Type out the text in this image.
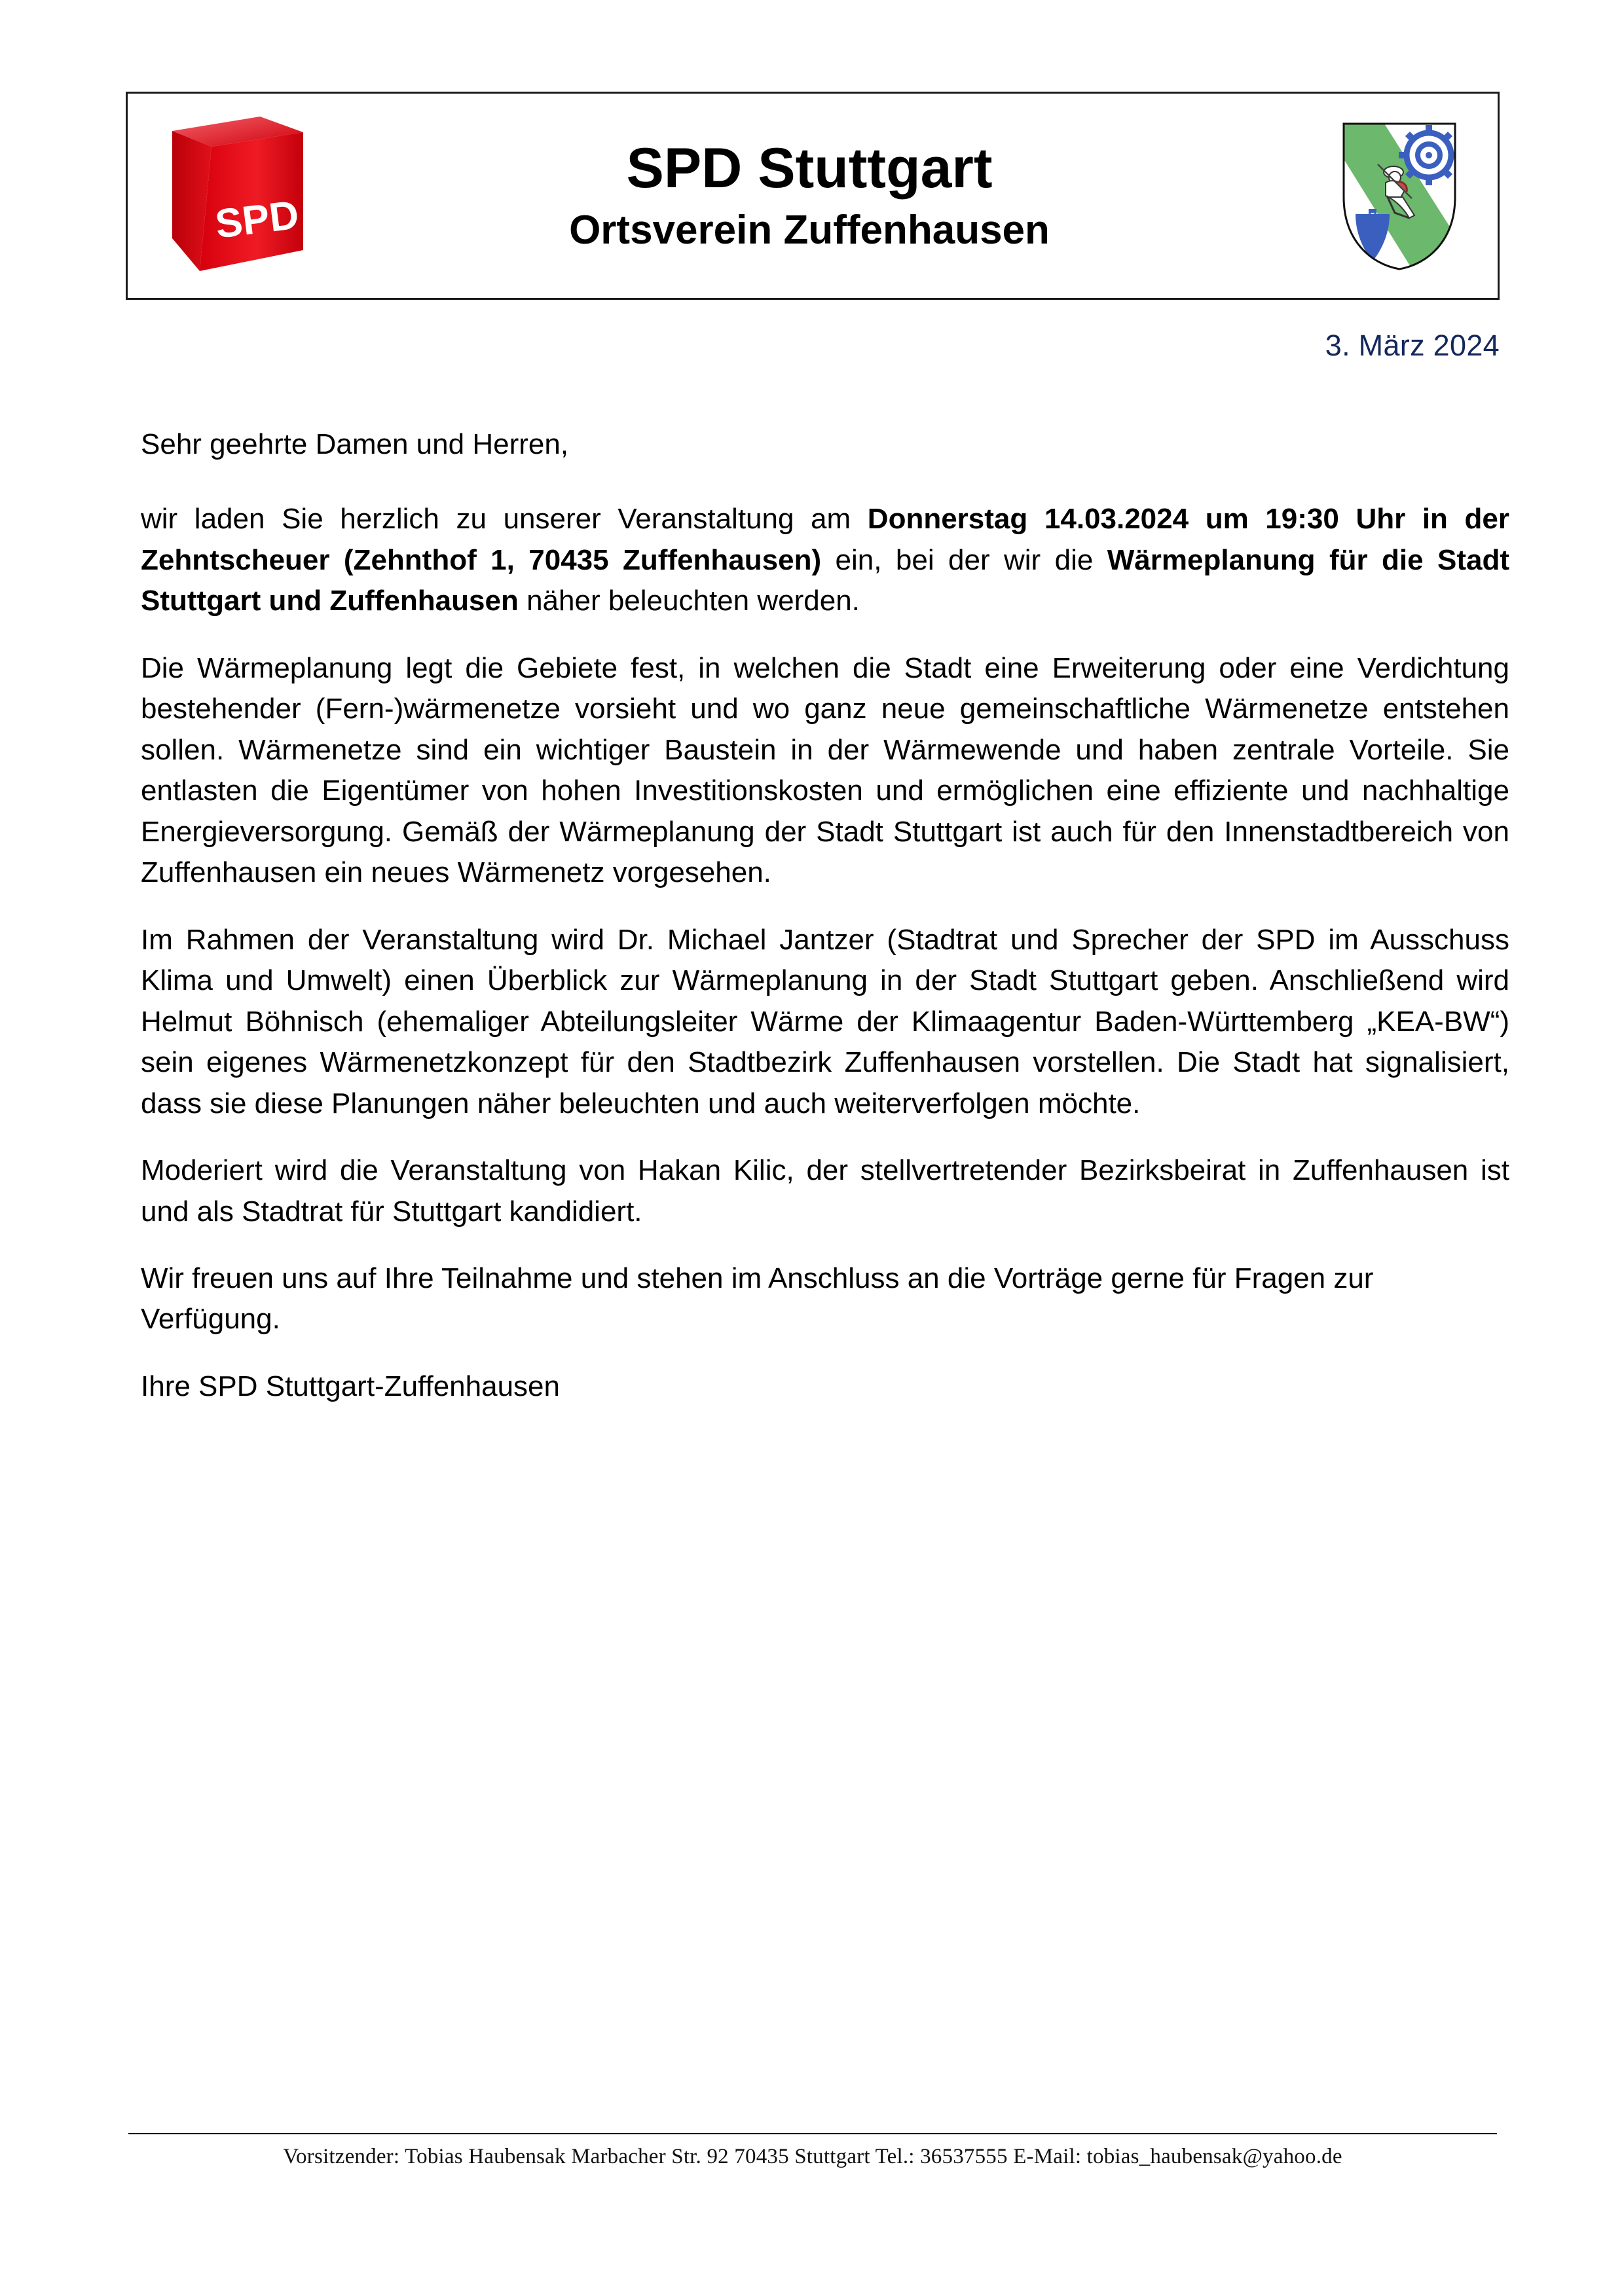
SPD
SPD Stuttgart
Ortsverein Zuffenhausen
3. März 2024

Sehr geehrte Damen und Herren,

wir laden Sie herzlich zu unserer Veranstaltung am Donnerstag 14.03.2024 um 19:30 Uhr in der Zehntscheuer (Zehnthof 1, 70435 Zuffenhausen) ein, bei der wir die Wärmeplanung für die Stadt Stuttgart und Zuffenhausen näher beleuchten werden.

Die Wärmeplanung legt die Gebiete fest, in welchen die Stadt eine Erweiterung oder eine Verdichtung bestehender (Fern-)wärmenetze vorsieht und wo ganz neue gemeinschaftliche Wärmenetze entstehen sollen. Wärmenetze sind ein wichtiger Baustein in der Wärmewende und haben zentrale Vorteile. Sie entlasten die Eigentümer von hohen Investitionskosten und ermöglichen eine effiziente und nachhaltige Energieversorgung. Gemäß der Wärmeplanung der Stadt Stuttgart ist auch für den Innenstadtbereich von Zuffenhausen ein neues Wärmenetz vorgesehen.

Im Rahmen der Veranstaltung wird Dr. Michael Jantzer (Stadtrat und Sprecher der SPD im Ausschuss Klima und Umwelt) einen Überblick zur Wärmeplanung in der Stadt Stuttgart geben. Anschließend wird Helmut Böhnisch (ehemaliger Abteilungsleiter Wärme der Klimaagentur Baden-Württemberg „KEA-BW“) sein eigenes Wärmenetzkonzept für den Stadtbezirk Zuffenhausen vorstellen. Die Stadt hat signalisiert, dass sie diese Planungen näher beleuchten und auch weiterverfolgen möchte.

Moderiert wird die Veranstaltung von Hakan Kilic, der stellvertretender Bezirksbeirat in Zuffenhausen ist und als Stadtrat für Stuttgart kandidiert.

Wir freuen uns auf Ihre Teilnahme und stehen im Anschluss an die Vorträge gerne für Fragen zur Verfügung.

Ihre SPD Stuttgart-Zuffenhausen

Vorsitzender: Tobias Haubensak Marbacher Str. 92 70435 Stuttgart Tel.: 36537555 E-Mail: tobias_haubensak@yahoo.de
